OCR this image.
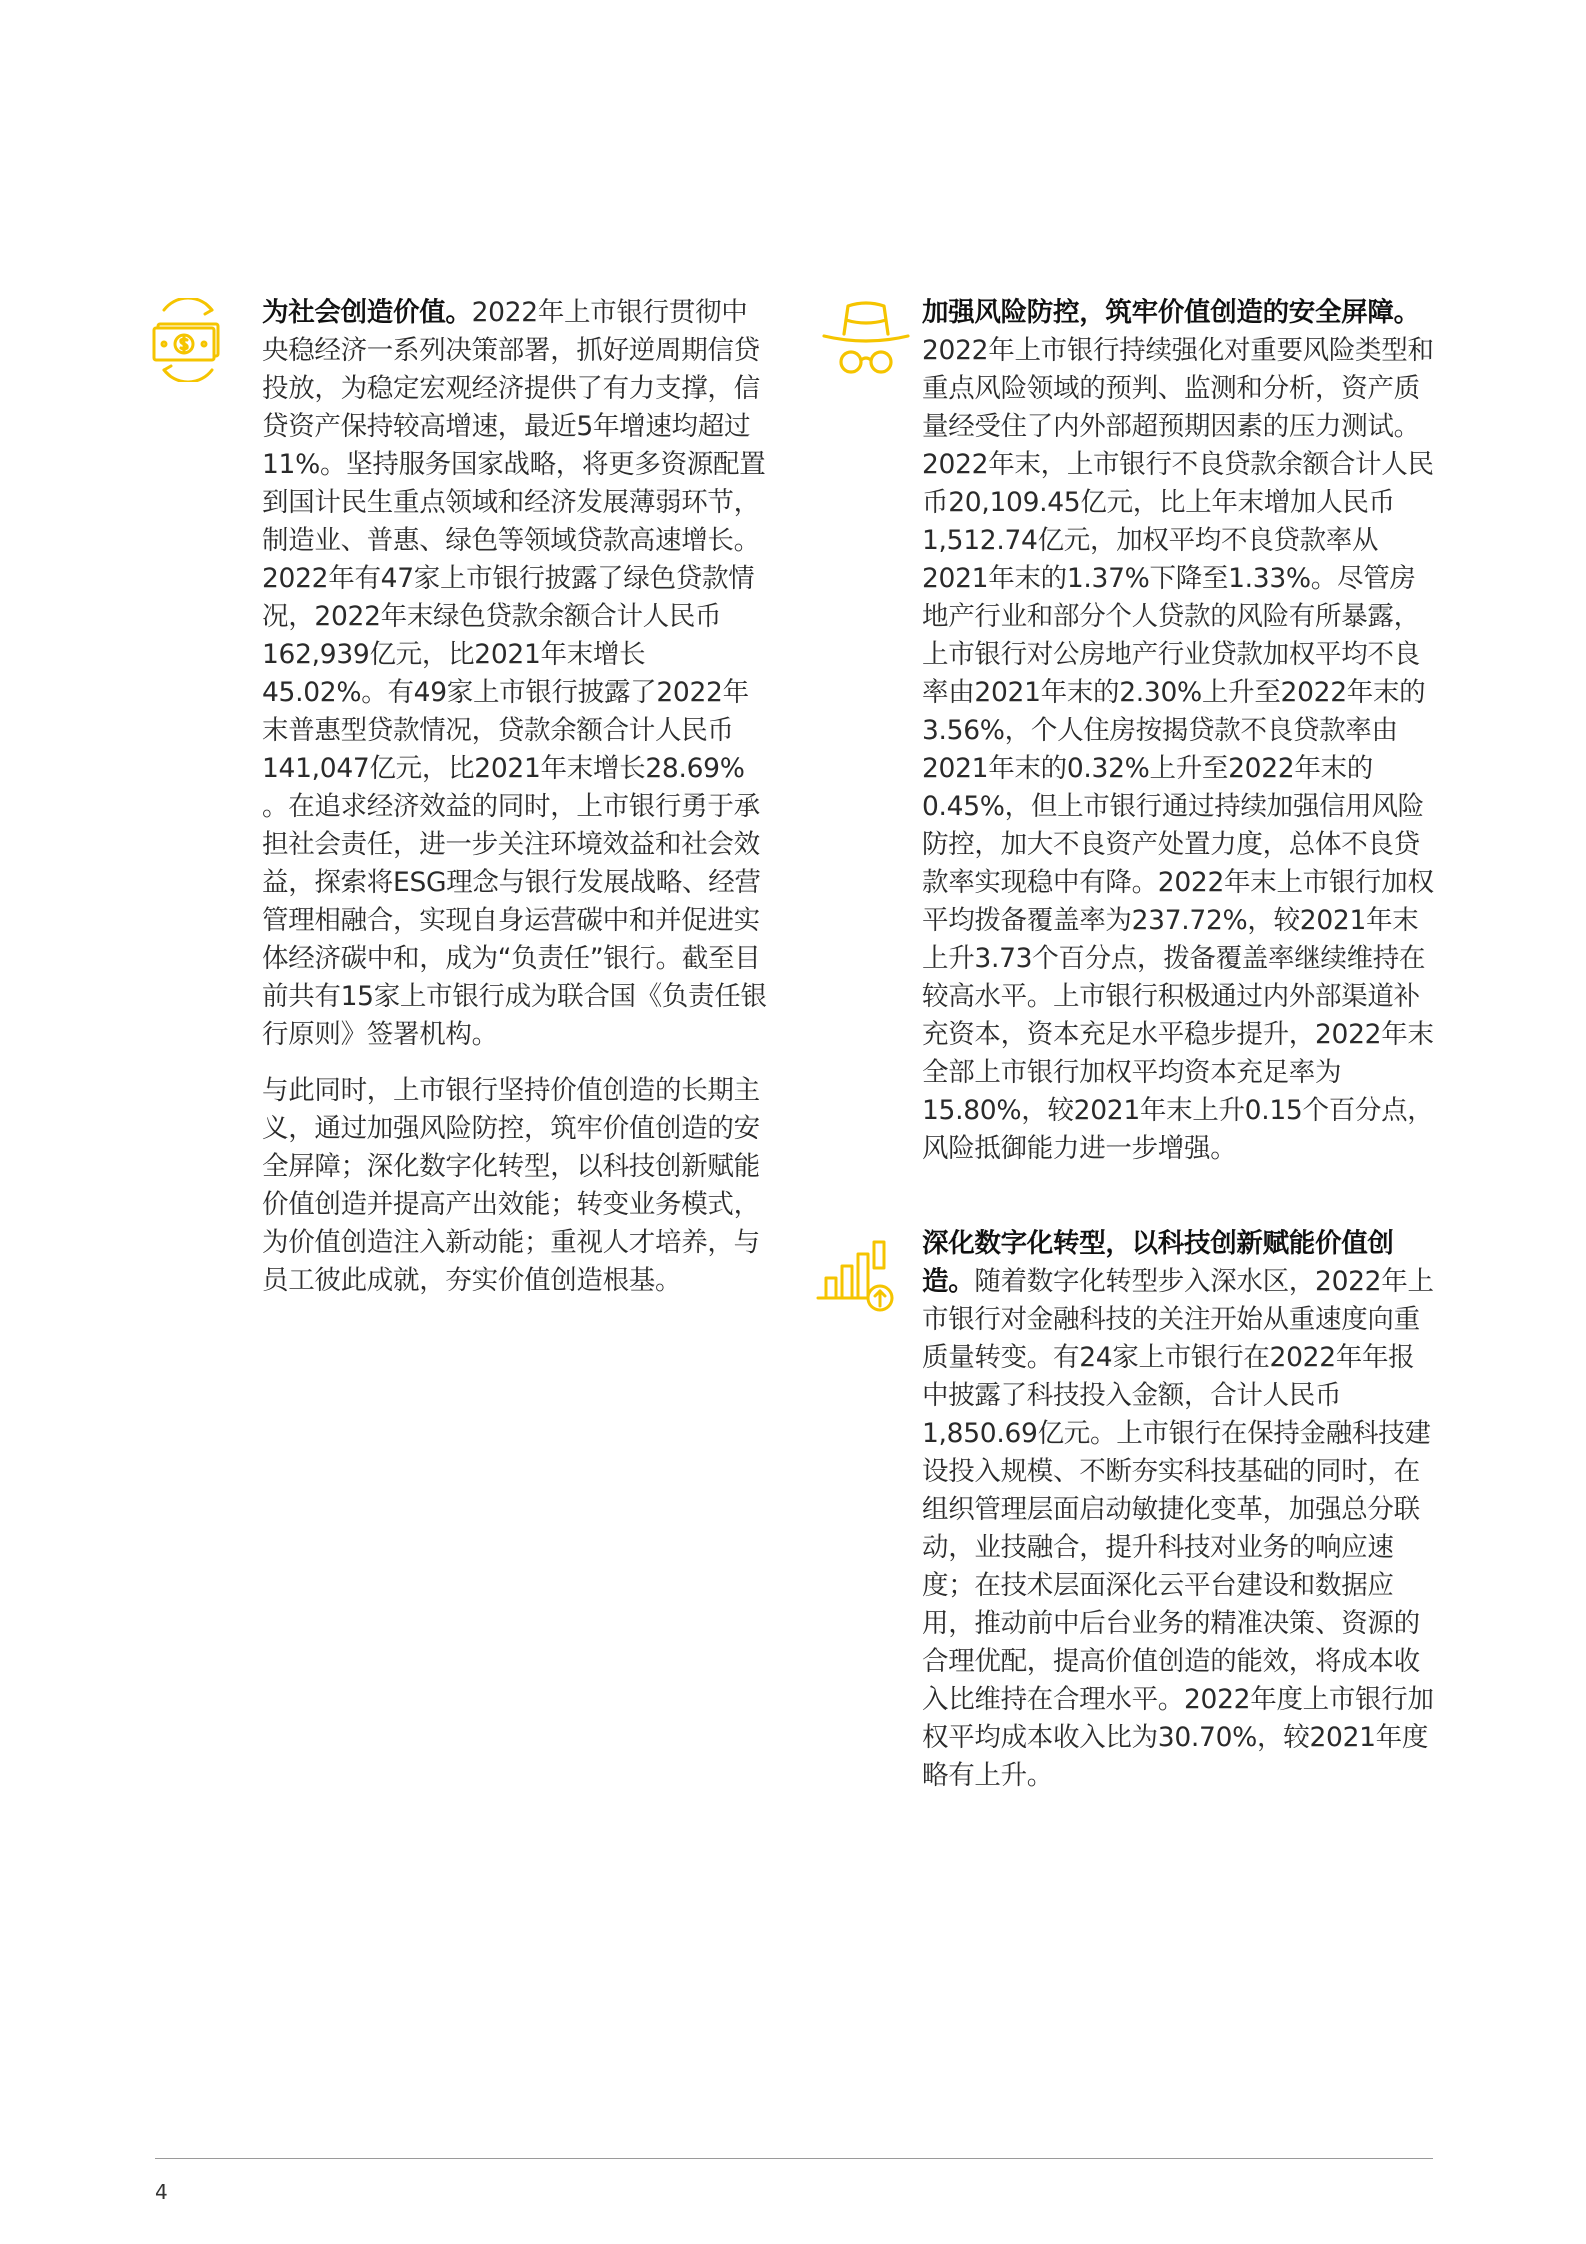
为社会创造价值。2022年上市银行贯彻中央稳经济一系列决策部署，抓好逆周期信贷投放，为稳定宏观经济提供了有力支撑，信贷资产保持较高增速，最近5年增速均超过11%。坚持服务国家战略，将更多资源配置到国计民生重点领域和经济发展薄弱环节，制造业、普惠、绿色等领域贷款高速增长。2022年有47家上市银行披露了绿色贷款情况，2022年末绿色贷款余额合计人民币162,939亿元，比2021年末增长45.02%。有49家上市银行披露了2022年末普惠型贷款情况，贷款余额合计人民币141,047亿元，比2021年末增长28.69% 。在追求经济效益的同时，上市银行勇于承担社会责任，进一步关注环境效益和社会效益，探索将ESG理念与银行发展战略、经营管理相融合，实现自身运营碳中和并促进实体经济碳中和，成为“负责任”银行。截至目前共有15家上市银行成为联合国《负责任银行原则》签署机构。

与此同时，上市银行坚持价值创造的长期主义，通过加强风险防控，筑牢价值创造的安全屏障；深化数字化转型，以科技创新赋能价值创造并提高产出效能；转变业务模式，为价值创造注入新动能；重视人才培养，与员工彼此成就，夯实价值创造根基。

加强风险防控，筑牢价值创造的安全屏障。2022年上市银行持续强化对重要风险类型和重点风险领域的预判、监测和分析，资产质量经受住了内外部超预期因素的压力测试。2022年末，上市银行不良贷款余额合计人民币20,109.45亿元，比上年末增加人民币1,512.74亿元，加权平均不良贷款率从2021年末的1.37%下降至1.33%。尽管房地产行业和部分个人贷款的风险有所暴露，上市银行对公房地产行业贷款加权平均不良率由2021年末的2.30%上升至2022年末的3.56%，个人住房按揭贷款不良贷款率由2021年末的0.32%上升至2022年末的0.45%，但上市银行通过持续加强信用风险防控，加大不良资产处置力度，总体不良贷款率实现稳中有降。2022年末上市银行加权平均拨备覆盖率为237.72%，较2021年末上升3.73个百分点，拨备覆盖率继续维持在较高水平。上市银行积极通过内外部渠道补充资本，资本充足水平稳步提升，2022年末全部上市银行加权平均资本充足率为15.80%，较2021年末上升0.15个百分点，风险抵御能力进一步增强。

深化数字化转型，以科技创新赋能价值创造。随着数字化转型步入深水区，2022年上市银行对金融科技的关注开始从重速度向重质量转变。有24家上市银行在2022年年报中披露了科技投入金额，合计人民币1,850.69亿元。上市银行在保持金融科技建设投入规模、不断夯实科技基础的同时，在组织管理层面启动敏捷化变革，加强总分联动，业技融合，提升科技对业务的响应速度；在技术层面深化云平台建设和数据应用，推动前中后台业务的精准决策、资源的合理优配，提高价值创造的能效，将成本收入比维持在合理水平。2022年度上市银行加权平均成本收入比为30.70%，较2021年度略有上升。

4
